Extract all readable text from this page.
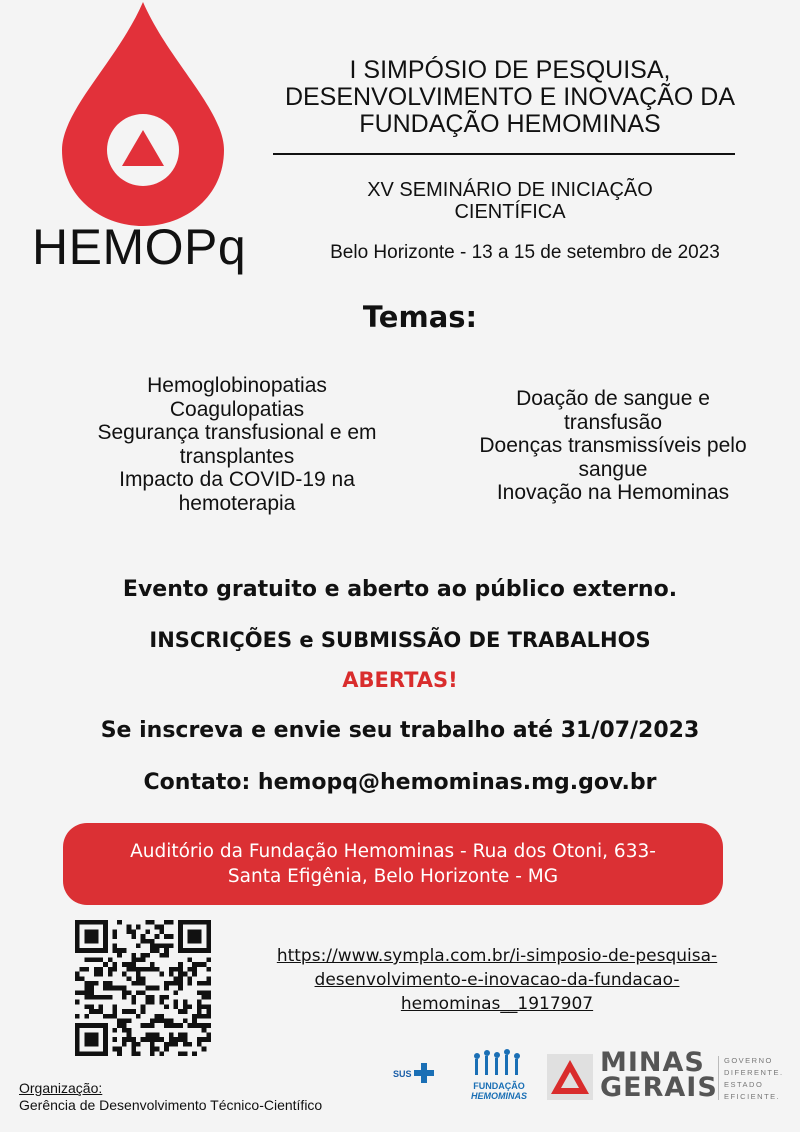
HEMOPq
I SIMPÓSIO DE PESQUISA,
DESENVOLVIMENTO E INOVAÇÃO DA
FUNDAÇÃO HEMOMINAS
XV SEMINÁRIO DE INICIAÇÃO
CIENTÍFICA
Belo Horizonte - 13 a 15 de setembro de 2023
Temas:
Hemoglobinopatias
Coagulopatias
Segurança transfusional e em
transplantes
Impacto da COVID-19 na
hemoterapia
Doação de sangue e
transfusão
Doenças transmissíveis pelo
sangue
Inovação na Hemominas
Evento gratuito e aberto ao público externo.
INSCRIÇÕES e SUBMISSÃO DE TRABALHOS
ABERTAS!
Se inscreva e envie seu trabalho até 31/07/2023
Contato: hemopq@hemominas.mg.gov.br
Auditório da Fundação Hemominas - Rua dos Otoni, 633-
Santa Efigênia, Belo Horizonte - MG
https://www.sympla.com.br/i-simposio-de-pesquisa-
desenvolvimento-e-inovacao-da-fundacao-
hemominas__1917907
Organização:
Gerência de Desenvolvimento Técnico-Científico
SUS
FUNDAÇÃO
HEMOMINAS
MINAS
GERAIS
GOVERNO
DIFERENTE.
ESTADO
EFICIENTE.
